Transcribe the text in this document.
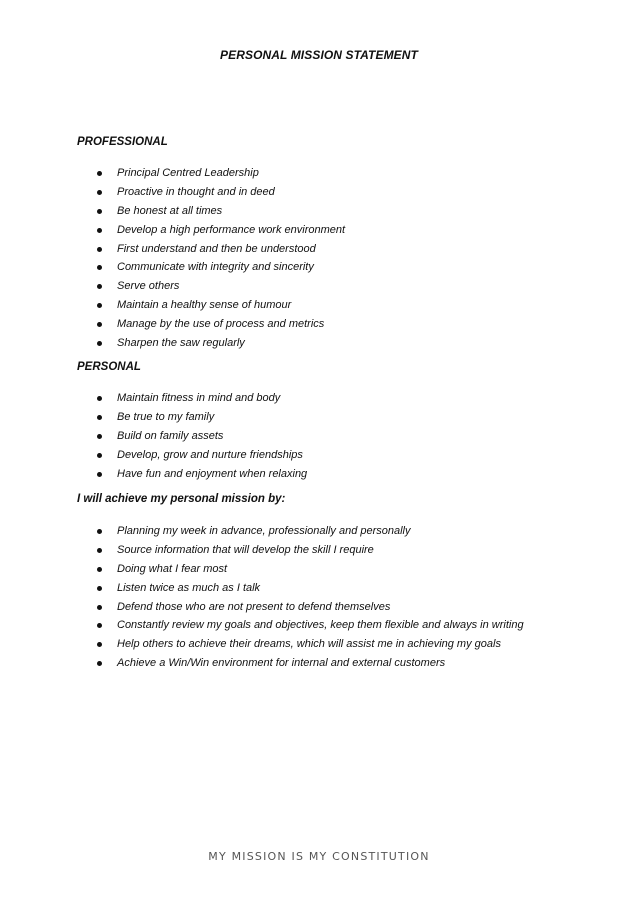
PERSONAL MISSION STATEMENT

PROFESSIONAL

Principal Centred Leadership
Proactive in thought and in deed
Be honest at all times
Develop a high performance work environment
First understand and then be understood
Communicate with integrity and sincerity
Serve others
Maintain a healthy sense of humour
Manage by the use of process and metrics
Sharpen the saw regularly

PERSONAL

Maintain fitness in mind and body
Be true to my family
Build on family assets
Develop, grow and nurture friendships
Have fun and enjoyment when relaxing

I will achieve my personal mission by:

Planning my week in advance, professionally and personally
Source information that will develop the skill I require
Doing what I fear most
Listen twice as much as I talk
Defend those who are not present to defend themselves
Constantly review my goals and objectives, keep them flexible and always in writing
Help others to achieve their dreams, which will assist me in achieving my goals
Achieve a Win/Win environment for internal and external customers
MY MISSION IS MY CONSTITUTION
